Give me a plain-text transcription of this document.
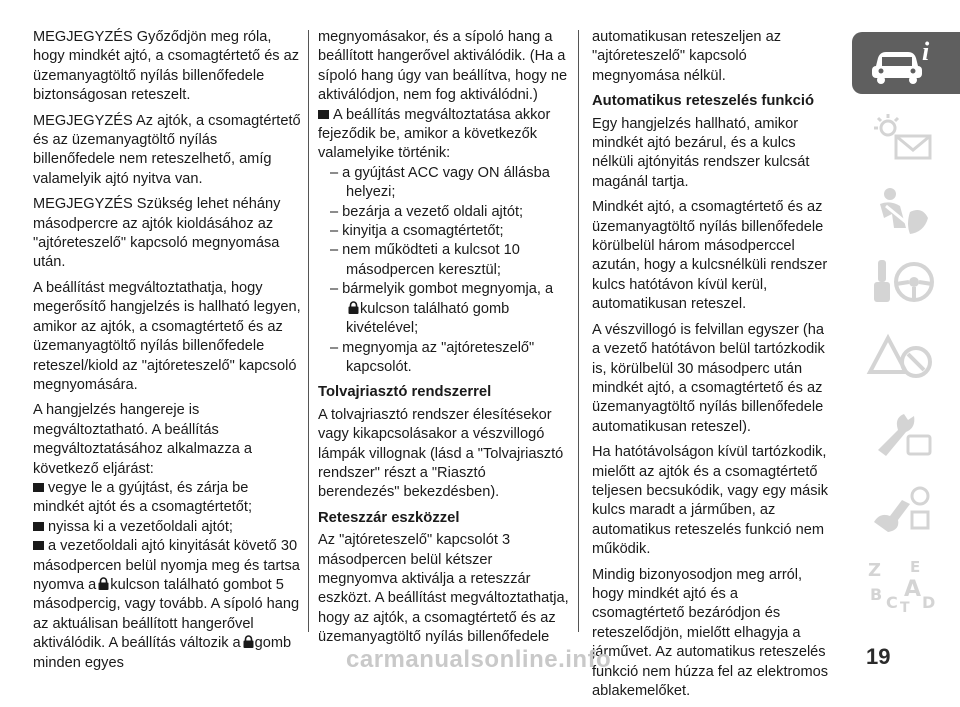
MEGJEGYZÉS Győződjön meg róla, hogy mindkét ajtó, a csomagtértető és az üzemanyagtöltő nyílás billenőfedele biztonságosan reteszelt.

MEGJEGYZÉS Az ajtók, a csomagtértető és az üzemanyagtöltő nyílás billenőfedele nem reteszelhető, amíg valamelyik ajtó nyitva van.

MEGJEGYZÉS Szükség lehet néhány másodpercre az ajtók kioldásához az "ajtóreteszelő" kapcsoló megnyomása után.

A beállítást megváltoztathatja, hogy megerősítő hangjelzés is hallható legyen, amikor az ajtók, a csomagtértető és az üzemanyagtöltő nyílás billenőfedele reteszel/kiold az "ajtóreteszelő" kapcsoló megnyomására.

A hangjelzés hangereje is megváltoztatható. A beállítás megváltoztatásához alkalmazza a következő eljárást:

vegye le a gyújtást, és zárja be mindkét ajtót és a csomagtértetőt;
nyissa ki a vezetőoldali ajtót;
a vezetőoldali ajtó kinyitását követő 30 másodpercen belül nyomja meg és tartsa nyomva a kulcson található gombot 5 másodpercig, vagy tovább. A sípoló hang az aktuálisan beállított hangerővel aktiválódik. A beállítás változik a gomb minden egyes

megnyomásakor, és a sípoló hang a beállított hangerővel aktiválódik. (Ha a sípoló hang úgy van beállítva, hogy ne aktiválódjon, nem fog aktiválódni.)

A beállítás megváltoztatása akkor fejeződik be, amikor a következők valamelyike történik:
– a gyújtást ACC vagy ON állásba helyezi;
– bezárja a vezető oldali ajtót;
– kinyitja a csomagtértetőt;
– nem működteti a kulcsot 10 másodpercen keresztül;
– bármelyik gombot megnyomja, a kulcson található gomb kivételével;
– megnyomja az "ajtóreteszelő" kapcsolót.
Tolvajriasztó rendszerrel

A tolvajriasztó rendszer élesítésekor vagy kikapcsolásakor a vészvillogó lámpák villognak (lásd a "Tolvajriasztó rendszer" részt a "Riasztó berendezés" bekezdésben).

Reteszzár eszközzel

Az "ajtóreteszelő" kapcsolót 3 másodpercen belül kétszer megnyomva aktiválja a reteszzár eszközt. A beállítást megváltoztathatja, hogy az ajtók, a csomagtértető és az üzemanyagtöltő nyílás billenőfedele

automatikusan reteszeljen az "ajtóreteszelő" kapcsoló megnyomása nélkül.

Automatikus reteszelés funkció

Egy hangjelzés hallható, amikor mindkét ajtó bezárul, és a kulcs nélküli ajtónyitás rendszer kulcsát magánál tartja.

Mindkét ajtó, a csomagtértető és az üzemanyagtöltő nyílás billenőfedele körülbelül három másodperccel azután, hogy a kulcsnélküli rendszer kulcs hatótávon kívül kerül, automatikusan reteszel.

A vészvillogó is felvillan egyszer (ha a vezető hatótávon belül tartózkodik is, körülbelül 30 másodperc után mindkét ajtó, a csomagtértető és az üzemanyagtöltő nyílás billenőfedele automatikusan reteszel).

Ha hatótávolságon kívül tartózkodik, mielőtt az ajtók és a csomagtértető teljesen becsukódik, vagy egy másik kulcs maradt a járműben, az automatikus reteszelés funkció nem működik.

Mindig bizonyosodjon meg arról, hogy mindkét ajtó és a csomagtértető bezáródjon és reteszelődjön, mielőtt elhagyja a járművet. Az automatikus reteszelés funkció nem húzza fel az elektromos ablakemelőket.

i
Z E
B A
C T D
19
carmanualsonline.info
